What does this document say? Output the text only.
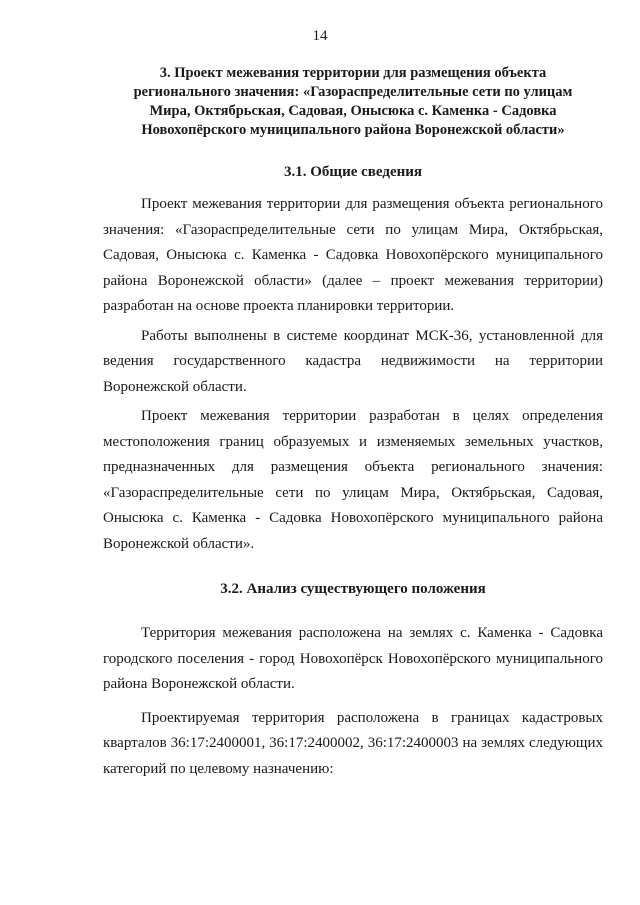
14
3. Проект межевания территории для размещения объекта
регионального значения: «Газораспределительные сети по улицам
Мира, Октябрьская, Садовая, Онысюка с. Каменка - Садовка
Новохопёрского муниципального района Воронежской области»
3.1. Общие сведения

Проект межевания территории для размещения объекта регионального
значения: «Газораспределительные сети по улицам Мира, Октябрьская,
Садовая, Онысюка с. Каменка - Садовка Новохопёрского муниципального
района Воронежской области» (далее – проект межевания территории)
разработан на основе проекта планировки территории.

Работы выполнены в системе координат МСК-36, установленной для
ведения государственного кадастра недвижимости на территории
Воронежской области.

Проект межевания территории разработан в целях определения
местоположения границ образуемых и изменяемых земельных участков,
предназначенных для размещения объекта регионального значения:
«Газораспределительные сети по улицам Мира, Октябрьская, Садовая,
Онысюка с. Каменка - Садовка Новохопёрского муниципального района
Воронежской области».

3.2. Анализ существующего положения

Территория межевания расположена на землях с. Каменка - Садовка
городского поселения - город Новохопёрск Новохопёрского муниципального
района Воронежской области.

Проектируемая территория расположена в границах кадастровых
кварталов 36:17:2400001, 36:17:2400002, 36:17:2400003 на землях следующих
категорий по целевому назначению:
